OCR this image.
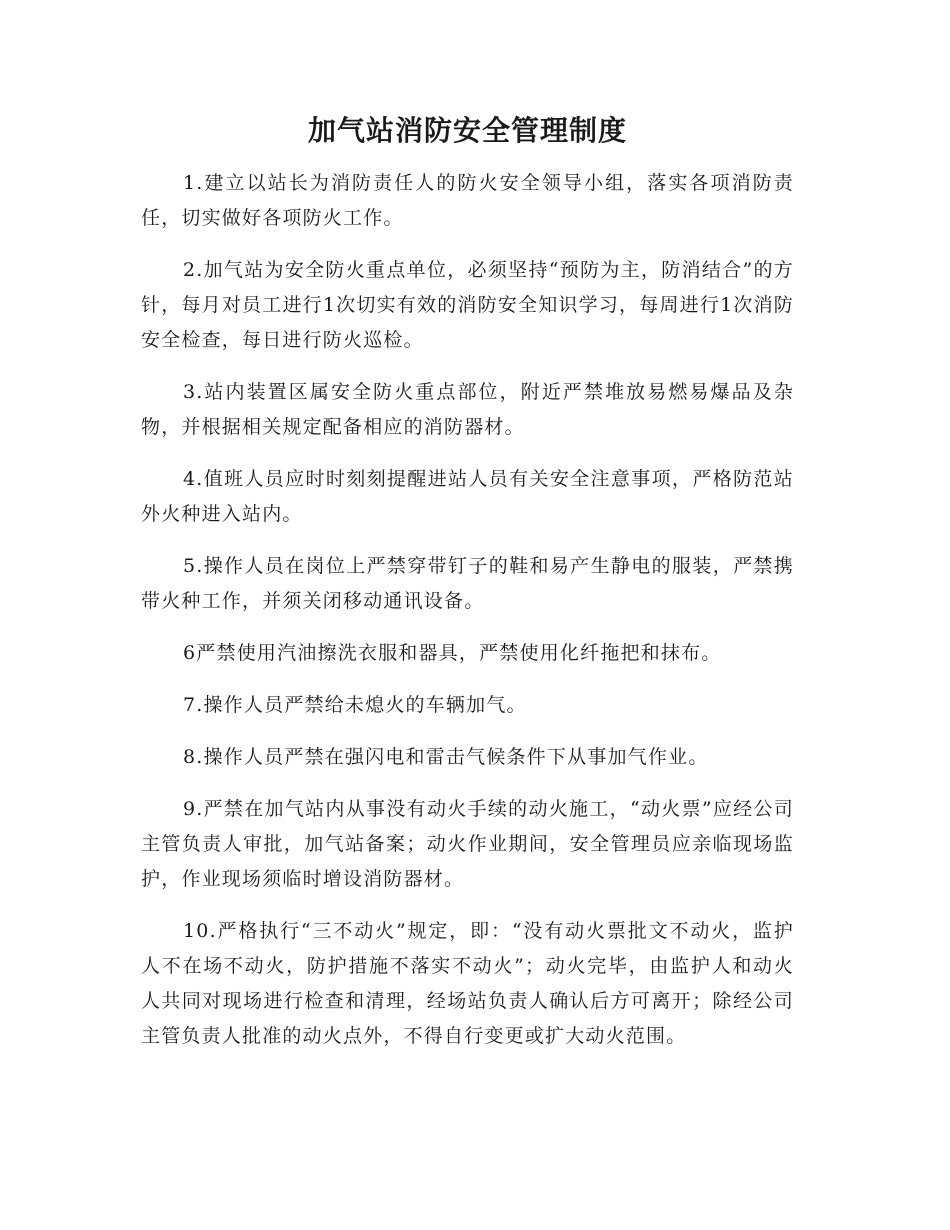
加气站消防安全管理制度

1.建立以站长为消防责任人的防火安全领导小组，落实各项消防责任，切实做好各项防火工作。

2.加气站为安全防火重点单位，必须坚持“预防为主，防消结合”的方针，每月对员工进行1次切实有效的消防安全知识学习，每周进行1次消防安全检查，每日进行防火巡检。

3.站内装置区属安全防火重点部位，附近严禁堆放易燃易爆品及杂物，并根据相关规定配备相应的消防器材。

4.值班人员应时时刻刻提醒进站人员有关安全注意事项，严格防范站外火种进入站内。

5.操作人员在岗位上严禁穿带钉子的鞋和易产生静电的服装，严禁携带火种工作，并须关闭移动通讯设备。

6严禁使用汽油擦洗衣服和器具，严禁使用化纤拖把和抹布。

7.操作人员严禁给未熄火的车辆加气。

8.操作人员严禁在强闪电和雷击气候条件下从事加气作业。

9.严禁在加气站内从事没有动火手续的动火施工，“动火票”应经公司主管负责人审批，加气站备案；动火作业期间，安全管理员应亲临现场监护，作业现场须临时增设消防器材。

10.严格执行“三不动火”规定，即：“没有动火票批文不动火，监护人不在场不动火，防护措施不落实不动火”；动火完毕，由监护人和动火人共同对现场进行检查和清理，经场站负责人确认后方可离开；除经公司主管负责人批准的动火点外，不得自行变更或扩大动火范围。
